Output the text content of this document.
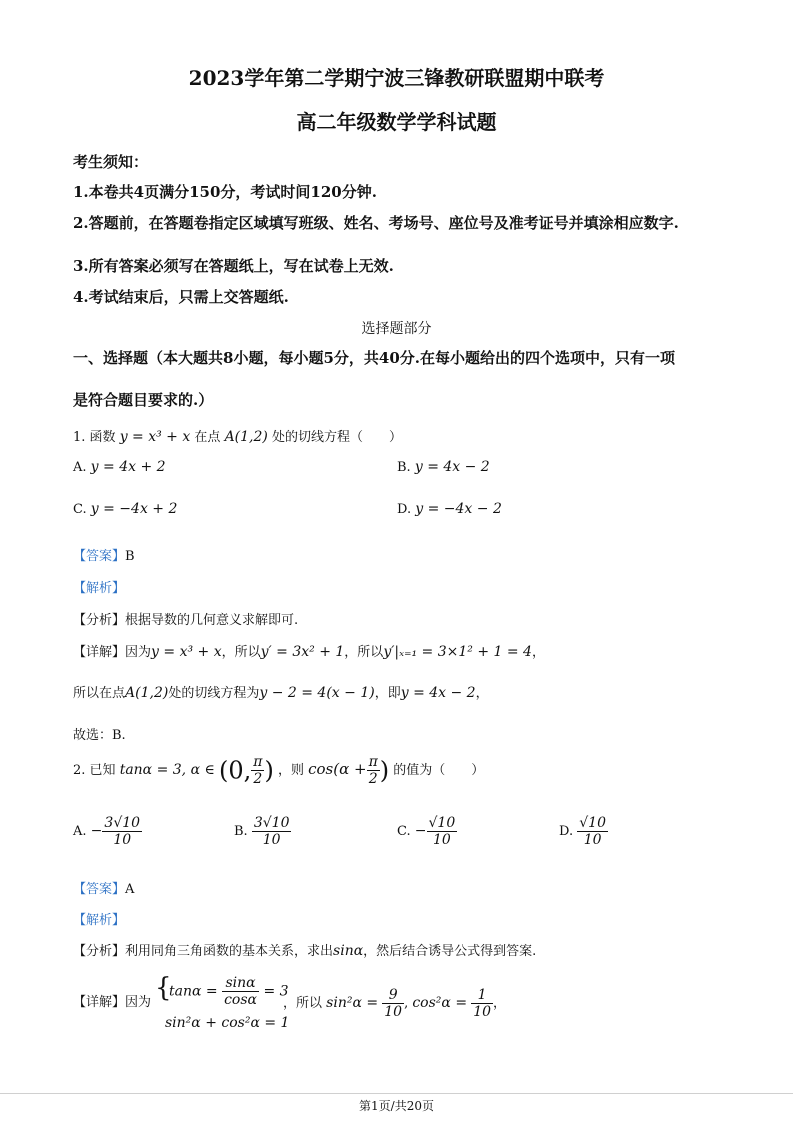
2023学年第二学期宁波三锋教研联盟期中联考
高二年级数学学科试题
考生须知：
1.本卷共4页满分150分，考试时间120分钟.
2.答题前，在答题卷指定区域填写班级、姓名、考场号、座位号及准考证号并填涂相应数字.
3.所有答案必须写在答题纸上，写在试卷上无效.
4.考试结束后，只需上交答题纸.
选择题部分
一、选择题（本大题共8小题，每小题5分，共40分.在每小题给出的四个选项中，只有一项
是符合题目要求的.）
1. 函数 y = x³ + x 在点 A(1,2) 处的切线方程（　　）
A. y = 4x + 2	B. y = 4x − 2
C. y = −4x + 2	D. y = −4x − 2
【答案】B
【解析】
【分析】根据导数的几何意义求解即可.
【详解】因为y = x³ + x，所以y′ = 3x² + 1，所以y′|ₓ₌₁ = 3×1² + 1 = 4，
所以在点A(1,2)处的切线方程为y − 2 = 4(x − 1)，即y = 4x − 2，
故选：B.
2. 已知 tanα = 3, α ∈ (0, $\frac{\pi}{2}$ ) ，则 $\cos(\alpha + \frac{\pi}{2}$ ) 的值为（　　）
A. − $\frac{3√10}{10}$	B. $\frac{3√10}{10}$	C. − $\frac{√10}{10}$	D. $\frac{√10}{10}$
【答案】A
【解析】
【分析】利用同角三角函数的基本关系，求出sinα，然后结合诱导公式得到答案.
【详解】因为 {
$\tan\alpha = \frac{\sin\alpha}{\cos\alpha} = 3$
sin²α + cos²α = 1
，所以 $\sin^2\alpha = \frac{9}{10}$ , $\cos^2\alpha = \frac{1}{10}$ ，
第1页/共20页
